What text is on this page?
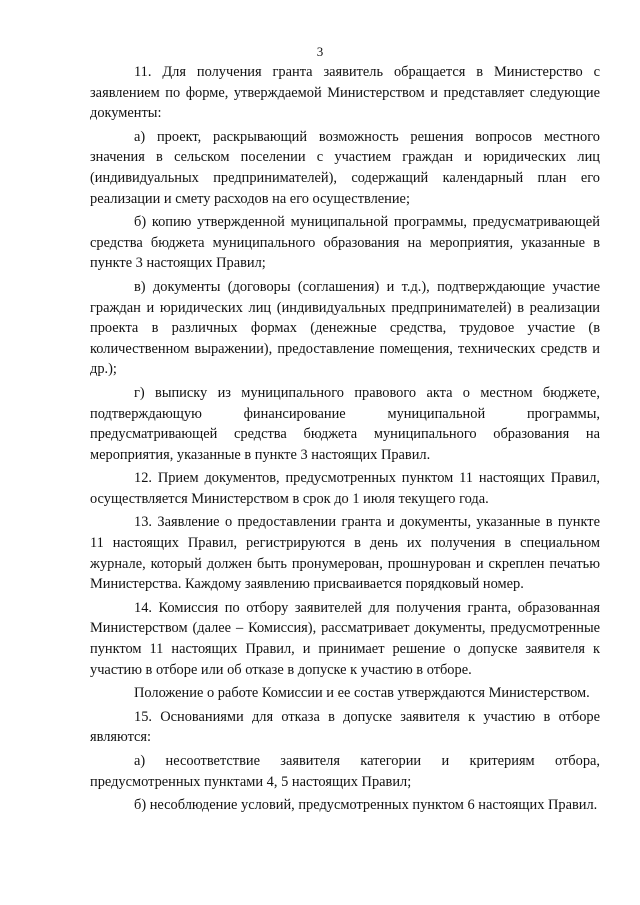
3

11. Для получения гранта заявитель обращается в Министерство с заявлением по форме, утверждаемой Министерством и представляет следующие документы:

а) проект, раскрывающий возможность решения вопросов местного значения в сельском поселении с участием граждан и юридических лиц (индивидуальных предпринимателей), содержащий календарный план его реализации и смету расходов на его осуществление;

б) копию утвержденной муниципальной программы, предусматривающей средства бюджета муниципального образования на мероприятия, указанные в пункте 3 настоящих Правил;

в) документы (договоры (соглашения) и т.д.), подтверждающие участие граждан и юридических лиц (индивидуальных предпринимателей) в реализации проекта в различных формах (денежные средства, трудовое участие (в количественном выражении), предоставление помещения, технических средств и др.);

г) выписку из муниципального правового акта о местном бюджете, подтверждающую финансирование муниципальной программы, предусматривающей средства бюджета муниципального образования на мероприятия, указанные в пункте 3 настоящих Правил.

12. Прием документов, предусмотренных пунктом 11 настоящих Правил, осуществляется Министерством в срок до 1 июля текущего года.

13. Заявление о предоставлении гранта и документы, указанные в пункте 11 настоящих Правил, регистрируются в день их получения в специальном журнале, который должен быть пронумерован, прошнурован и скреплен печатью Министерства. Каждому заявлению присваивается порядковый номер.

14. Комиссия по отбору заявителей для получения гранта, образованная Министерством (далее – Комиссия), рассматривает документы, предусмотренные пунктом 11 настоящих Правил, и принимает решение о допуске заявителя к участию в отборе или об отказе в допуске к участию в отборе.

Положение о работе Комиссии и ее состав утверждаются Министерством.

15. Основаниями для отказа в допуске заявителя к участию в отборе являются:

а) несоответствие заявителя категории и критериям отбора, предусмотренных пунктами 4, 5 настоящих Правил;

б) несоблюдение условий, предусмотренных пунктом 6 настоящих Правил.
